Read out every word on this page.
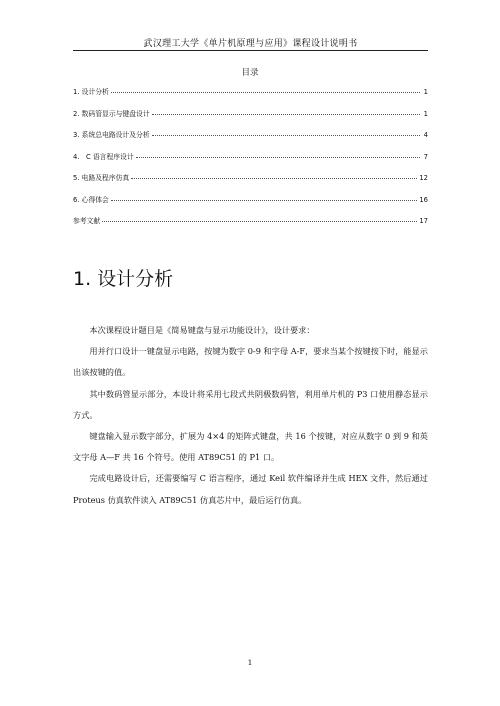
武汉理工大学《单片机原理与应用》课程设计说明书
目录
1. 设计分析	1
2. 数码管显示与键盘设计	1
3. 系统总电路设计及分析	4
4.   C 语言程序设计	7
5. 电路及程序仿真	12
6. 心得体会	16
参考文献	17
1. 设计分析

本次课程设计题目是《简易键盘与显示功能设计》，设计要求：

用并行口设计一键盘显示电路，按键为数字 0-9 和字母 A-F，要求当某个按键按下时，能显示出该按键的值。

其中数码管显示部分，本设计将采用七段式共阴极数码管，利用单片机的 P3 口使用静态显示方式。

键盘输入显示数字部分，扩展为 4×4 的矩阵式键盘，共 16 个按键，对应从数字 0 到 9 和英文字母 A—F 共 16 个符号。使用 AT89C51 的 P1 口。

完成电路设计后，还需要编写 C 语言程序，通过 Keil 软件编译并生成 HEX 文件，然后通过 Proteus 仿真软件读入 AT89C51 仿真芯片中，最后运行仿真。

1
